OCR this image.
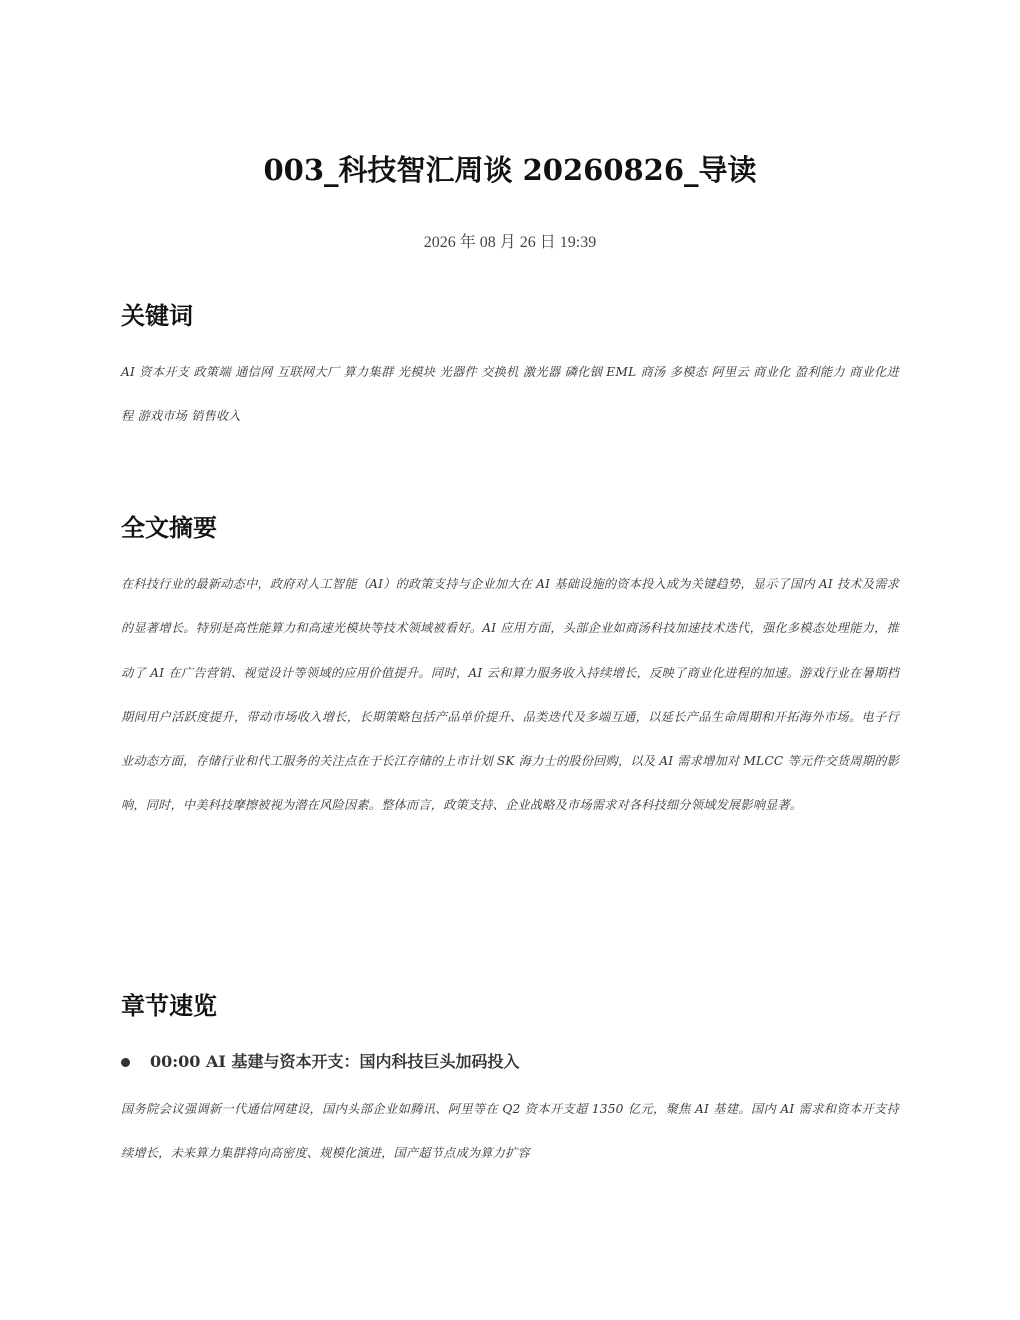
003_科技智汇周谈 20260826_导读
2026 年 08 月 26 日 19:39
关键词
AI 资本开支 政策端 通信网 互联网大厂 算力集群 光模块 光器件 交换机 激光器 磷化铟 EML 商汤 多模态 阿里云 商业化 盈利能力 商业化进程 游戏市场 销售收入
全文摘要
在科技行业的最新动态中，政府对人工智能（AI）的政策支持与企业加大在 AI 基础设施的资本投入成为关键趋势，显示了国内 AI 技术及需求的显著增长。特别是高性能算力和高速光模块等技术领域被看好。AI 应用方面，头部企业如商汤科技加速技术迭代，强化多模态处理能力，推动了 AI 在广告营销、视觉设计等领域的应用价值提升。同时，AI 云和算力服务收入持续增长，反映了商业化进程的加速。游戏行业在暑期档期间用户活跃度提升，带动市场收入增长，长期策略包括产品单价提升、品类迭代及多端互通，以延长产品生命周期和开拓海外市场。电子行业动态方面，存储行业和代工服务的关注点在于长江存储的上市计划 SK 海力士的股份回购，以及 AI 需求增加对 MLCC 等元件交货周期的影响，同时，中美科技摩擦被视为潜在风险因素。整体而言，政策支持、企业战略及市场需求对各科技细分领域发展影响显著。
章节速览
00:00 AI 基建与资本开支：国内科技巨头加码投入
国务院会议强调新一代通信网建设，国内头部企业如腾讯、阿里等在 Q2 资本开支超 1350 亿元，聚焦 AI 基建。国内 AI 需求和资本开支持续增长，未来算力集群将向高密度、规模化演进，国产超节点成为算力扩容
